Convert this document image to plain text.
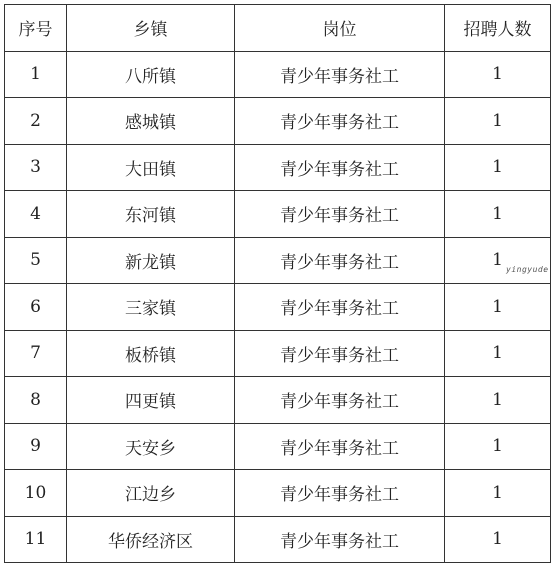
序号	乡镇	岗位	招聘人数
1	八所镇	青少年事务社工	1
2	感城镇	青少年事务社工	1
3	大田镇	青少年事务社工	1
4	东河镇	青少年事务社工	1
5	新龙镇	青少年事务社工	1
6	三家镇	青少年事务社工	1
7	板桥镇	青少年事务社工	1
8	四更镇	青少年事务社工	1
9	天安乡	青少年事务社工	1
10	江边乡	青少年事务社工	1
11	华侨经济区	青少年事务社工	1
yingyude
